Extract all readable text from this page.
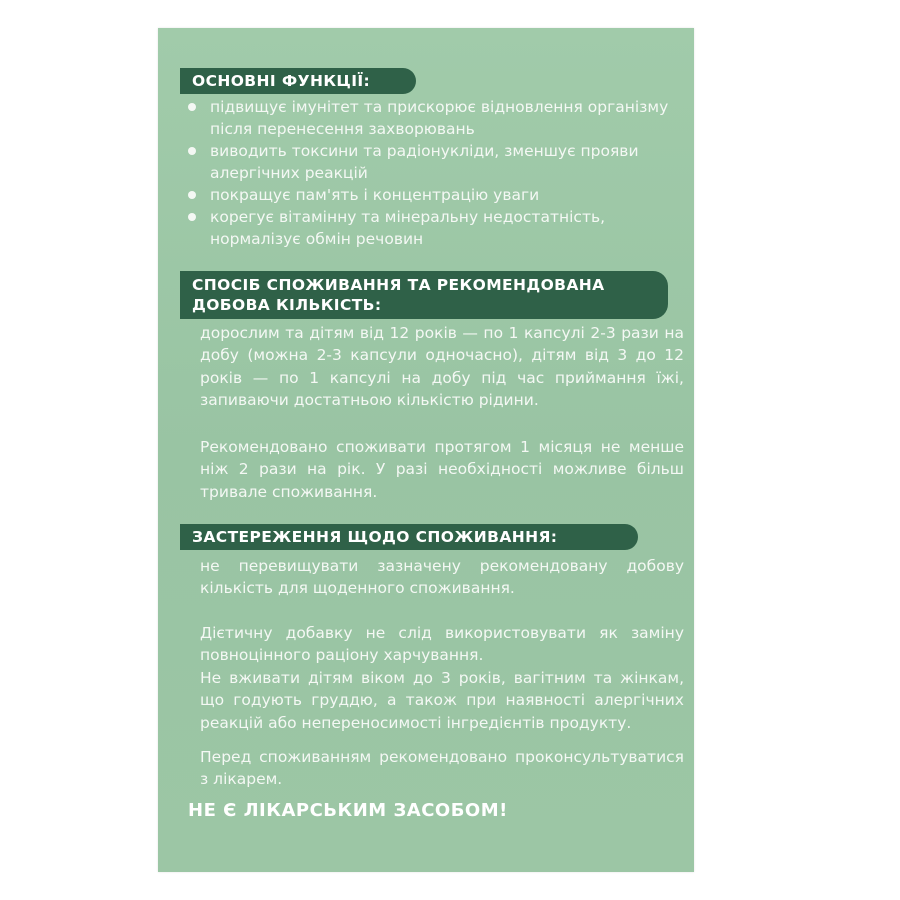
ОСНОВНІ ФУНКЦІЇ:
підвищує імунітет та прискорює відновлення організму після перенесення захворювань
виводить токсини та радіонукліди, зменшує прояви алергічних реакцій
покращує пам'ять і концентрацію уваги
корегує вітамінну та мінеральну недостатність, нормалізує обмін речовин
СПОСІБ СПОЖИВАННЯ ТА РЕКОМЕНДОВАНА
ДОБОВА КІЛЬКІСТЬ:

дорослим та дітям від 12 років — по 1 капсулі 2-3 рази на добу (можна 2-3 капсули одночасно), дітям від 3 до 12 років — по 1 капсулі на добу під час приймання їжі, запиваючи достатньою кількістю рідини.

Рекомендовано споживати протягом 1 місяця не менше ніж 2 рази на рік. У разі необхідності можливе більш тривале споживання.

ЗАСТЕРЕЖЕННЯ ЩОДО СПОЖИВАННЯ:

не перевищувати зазначену рекомендовану добову кількість для щоденного споживання.

Дієтичну добавку не слід використовувати як заміну повноцінного раціону харчування.

Не вживати дітям віком до 3 років, вагітним та жінкам, що годують груддю, а також при наявності алергічних реакцій або непереносимості інгредієнтів продукту.

Перед споживанням рекомендовано проконсультуватися з лікарем.

НЕ Є ЛІКАРСЬКИМ ЗАСОБОМ!
